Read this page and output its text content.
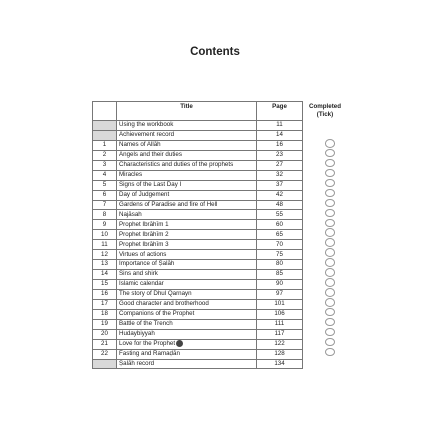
Contents
	Title	Page
	Using the workbook	11
	Achievement record	14
1	Names of Allāh	16
2	Angels and their duties	23
3	Characteristics and duties of the prophets	27
4	Miracles	32
5	Signs of the Last Day I	37
6	Day of Judgement	42
7	Gardens of Paradise and fire of Hell	48
8	Najāsah	55
9	Prophet Ibrāhīm 1	60
10	Prophet Ibrāhīm 2	65
11	Prophet Ibrāhīm 3	70
12	Virtues of actions	75
13	Importance of Ṣalāh	80
14	Sins and shirk	85
15	Islamic calendar	90
16	The story of Dhul Qarnayn	97
17	Good character and brotherhood	101
18	Companions of the Prophet	106
19	Battle of the Trench	111
20	Hudaybiyyah	117
21	Love for the Prophet	122
22	Fasting and Ramaḍān	128
	Ṣalāh record	134
Completed
(Tick)
